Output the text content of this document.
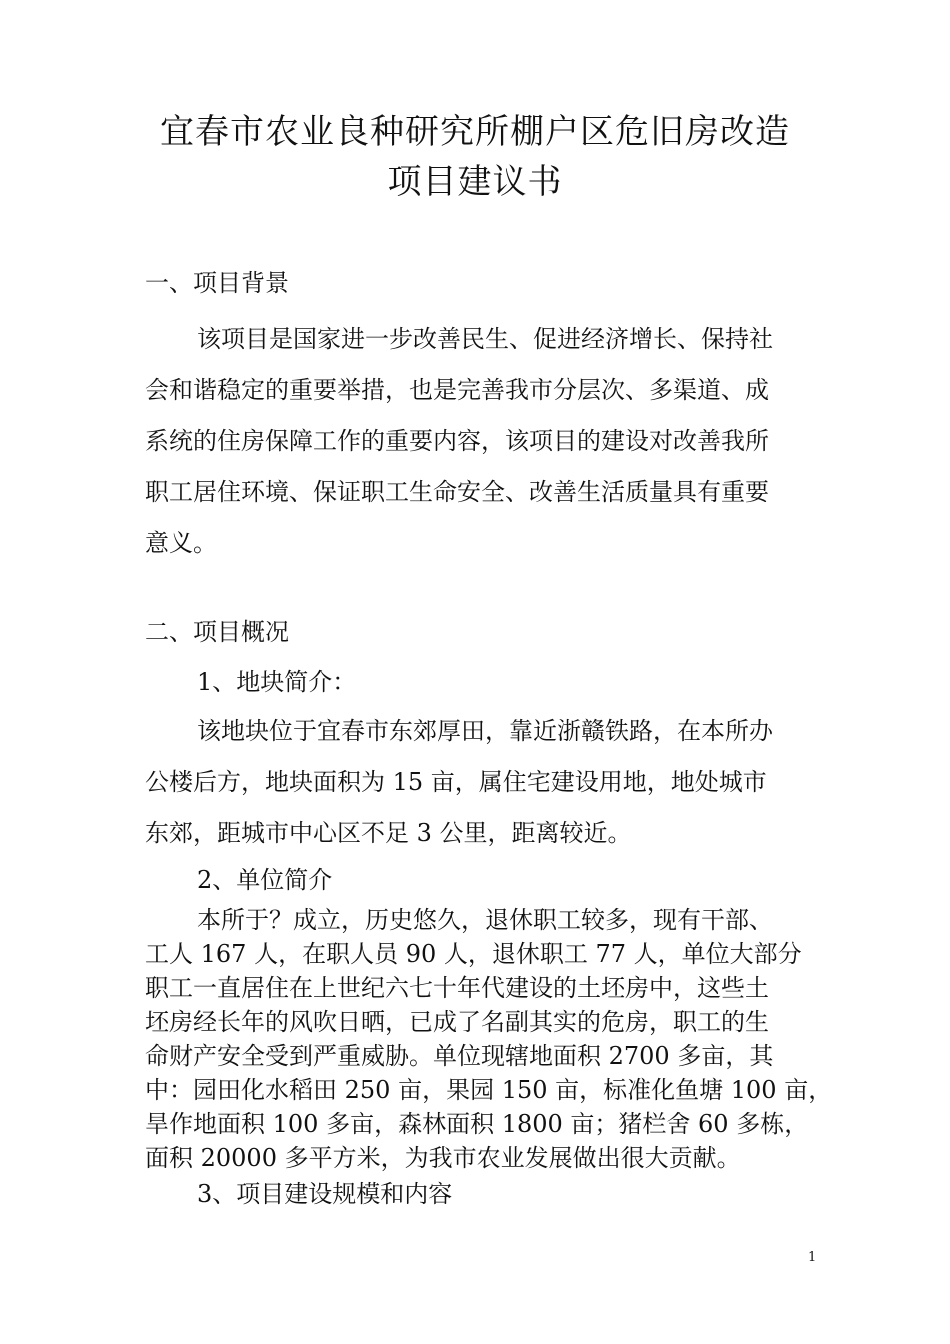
宜春市农业良种研究所棚户区危旧房改造
项目建议书
一、项目背景
该项目是国家进一步改善民生、促进经济增长、保持社
会和谐稳定的重要举措，也是完善我市分层次、多渠道、成
系统的住房保障工作的重要内容，该项目的建设对改善我所
职工居住环境、保证职工生命安全、改善生活质量具有重要
意义。
二、项目概况
1、地块简介：
该地块位于宜春市东郊厚田，靠近浙赣铁路，在本所办
公楼后方，地块面积为 15 亩，属住宅建设用地，地处城市
东郊，距城市中心区不足 3 公里，距离较近。
2、单位简介
本所于？成立，历史悠久，退休职工较多，现有干部、
工人 167 人，在职人员 90 人，退休职工 77 人，单位大部分
职工一直居住在上世纪六七十年代建设的土坯房中，这些土
坯房经长年的风吹日晒，已成了名副其实的危房，职工的生
命财产安全受到严重威胁。单位现辖地面积 2700 多亩，其
中：园田化水稻田 250 亩，果园 150 亩，标准化鱼塘 100 亩，
旱作地面积 100 多亩，森林面积 1800 亩；猪栏舍 60 多栋，
面积 20000 多平方米，为我市农业发展做出很大贡献。
3、项目建设规模和内容
1
